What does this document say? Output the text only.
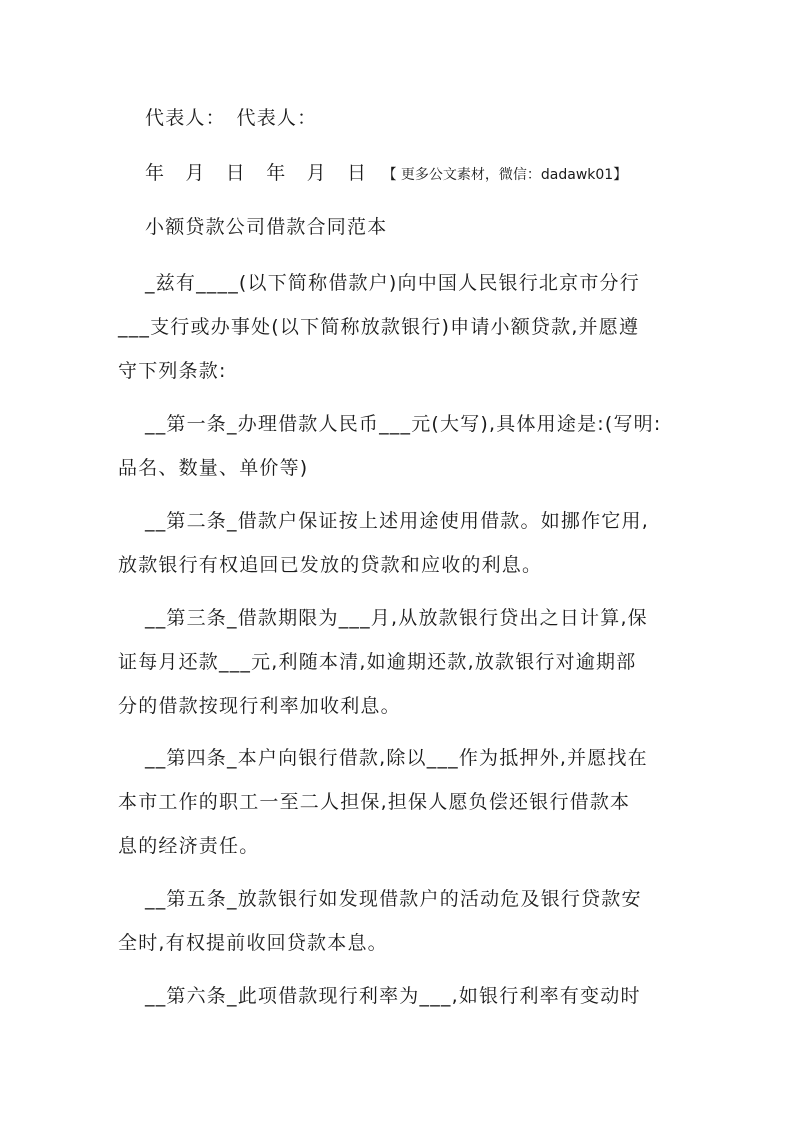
代表人：　代表人：
年　月　日　年　月　日 【 更多公文素材，微信：dadawk01】
小额贷款公司借款合同范本
_兹有____(以下简称借款户)向中国人民银行北京市分行
___支行或办事处(以下简称放款银行)申请小额贷款,并愿遵
守下列条款:
__第一条_办理借款人民币___元(大写),具体用途是:(写明:
品名、数量、单价等)
__第二条_借款户保证按上述用途使用借款。如挪作它用,
放款银行有权追回已发放的贷款和应收的利息。
__第三条_借款期限为___月,从放款银行贷出之日计算,保
证每月还款___元,利随本清,如逾期还款,放款银行对逾期部
分的借款按现行利率加收利息。
__第四条_本户向银行借款,除以___作为抵押外,并愿找在
本市工作的职工一至二人担保,担保人愿负偿还银行借款本
息的经济责任。
__第五条_放款银行如发现借款户的活动危及银行贷款安
全时,有权提前收回贷款本息。
__第六条_此项借款现行利率为___,如银行利率有变动时
